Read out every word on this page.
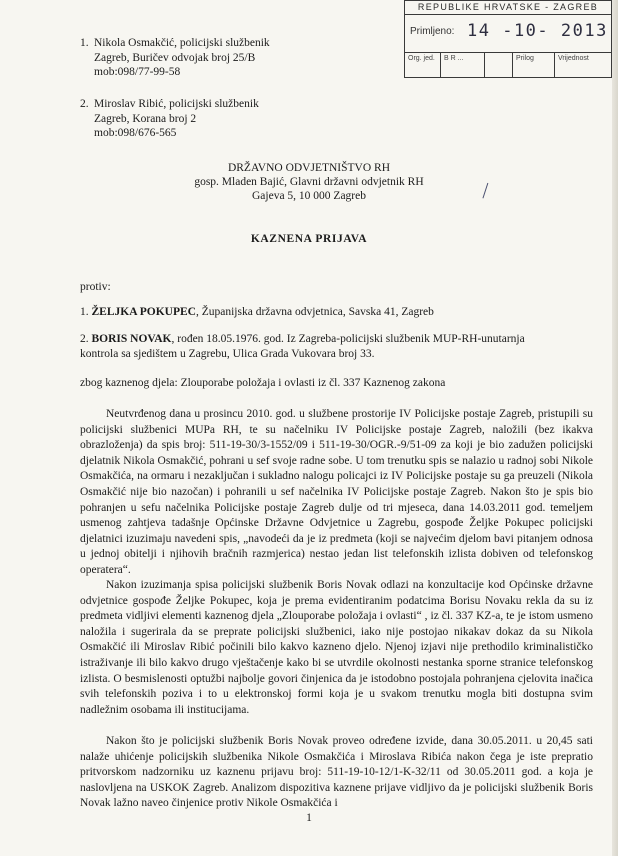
REPUBLIKE HRVATSKE - ZAGREB
Primljeno: 14 -10- 2013
Org. jed.	B R ...	Prilog	Vrijednost
1. Nikola Osmakčić, policijski službenik
Zagreb, Buričev odvojak broj 25/B
mob:098/77-99-58
2. Miroslav Ribić, policijski službenik
Zagreb, Korana broj 2
mob:098/676-565
DRŽAVNO ODVJETNIŠTVO RH
gosp. Mladen Bajić, Glavni državni odvjetnik RH
Gajeva 5, 10 000 Zagreb
KAZNENA PRIJAVA
protiv:
1. ŽELJKA POKUPEC, Županijska državna odvjetnica, Savska 41, Zagreb
2. BORIS NOVAK, rođen 18.05.1976. god. Iz Zagreba-policijski službenik MUP-RH-unutarnja
kontrola sa sjedištem u Zagrebu, Ulica Grada Vukovara broj 33.
zbog kaznenog djela: Zlouporabe položaja i ovlasti iz čl. 337 Kaznenog zakona

Neutvrđenog dana u prosincu 2010. god. u službene prostorije IV Policijske postaje Zagreb, pristupili su policijski službenici MUPa RH, te su načelniku IV Policijske postaje Zagreb, naložili (bez ikakva obrazloženja) da spis broj: 511-19-30/3-1552/09 i 511-19-30/OGR.-9/51-09 za koji je bio zadužen policijski djelatnik Nikola Osmakčić, pohrani u sef svoje radne sobe. U tom trenutku spis se nalazio u radnoj sobi Nikole Osmakčića, na ormaru i nezaključan i sukladno nalogu policajci iz IV Policijske postaje su ga preuzeli (Nikola Osmakčić nije bio nazočan) i pohranili u sef načelnika IV Policijske postaje Zagreb. Nakon što je spis bio pohranjen u sefu načelnika Policijske postaje Zagreb dulje od tri mjeseca, dana 14.03.2011 god. temeljem usmenog zahtjeva tadašnje Općinske Državne Odvjetnice u Zagrebu, gospođe Željke Pokupec policijski djelatnici izuzimaju navedeni spis, „navodeći da je iz predmeta (koji se najvećim djelom bavi pitanjem odnosa u jednoj obitelji i njihovih bračnih razmjerica) nestao jedan list telefonskih izlista dobiven od telefonskog operatera“.

Nakon izuzimanja spisa policijski službenik Boris Novak odlazi na konzultacije kod Općinske državne odvjetnice gospođe Željke Pokupec, koja je prema evidentiranim podatcima Borisu Novaku rekla da su iz predmeta vidljivi elementi kaznenog djela „Zlouporabe položaja i ovlasti“ , iz čl. 337 KZ-a, te je istom usmeno naložila i sugerirala da se preprate policijski službenici, iako nije postojao nikakav dokaz da su Nikola Osmakčić ili Miroslav Ribić počinili bilo kakvo kazneno djelo. Njenoj izjavi nije prethodilo kriminalističko istraživanje ili bilo kakvo drugo vještačenje kako bi se utvrdile okolnosti nestanka sporne stranice telefonskog izlista. O besmislenosti optužbi najbolje govori činjenica da je istodobno postojala pohranjena cjelovita inačica svih telefonskih poziva i to u elektronskoj formi koja je u svakom trenutku mogla biti dostupna svim nadležnim osobama ili institucijama.

Nakon što je policijski službenik Boris Novak proveo određene izvide, dana 30.05.2011. u 20,45 sati nalaže uhićenje policijskih službenika Nikole Osmakčića i Miroslava Ribića nakon čega je iste prepratio pritvorskom nadzorniku uz kaznenu prijavu broj: 511-19-10-12/1-K-32/11 od 30.05.2011 god. a koja je naslovljena na USKOK Zagreb. Analizom dispozitiva kaznene prijave vidljivo da je policijski službenik Boris Novak lažno naveo činjenice protiv Nikole Osmakčića i

1
